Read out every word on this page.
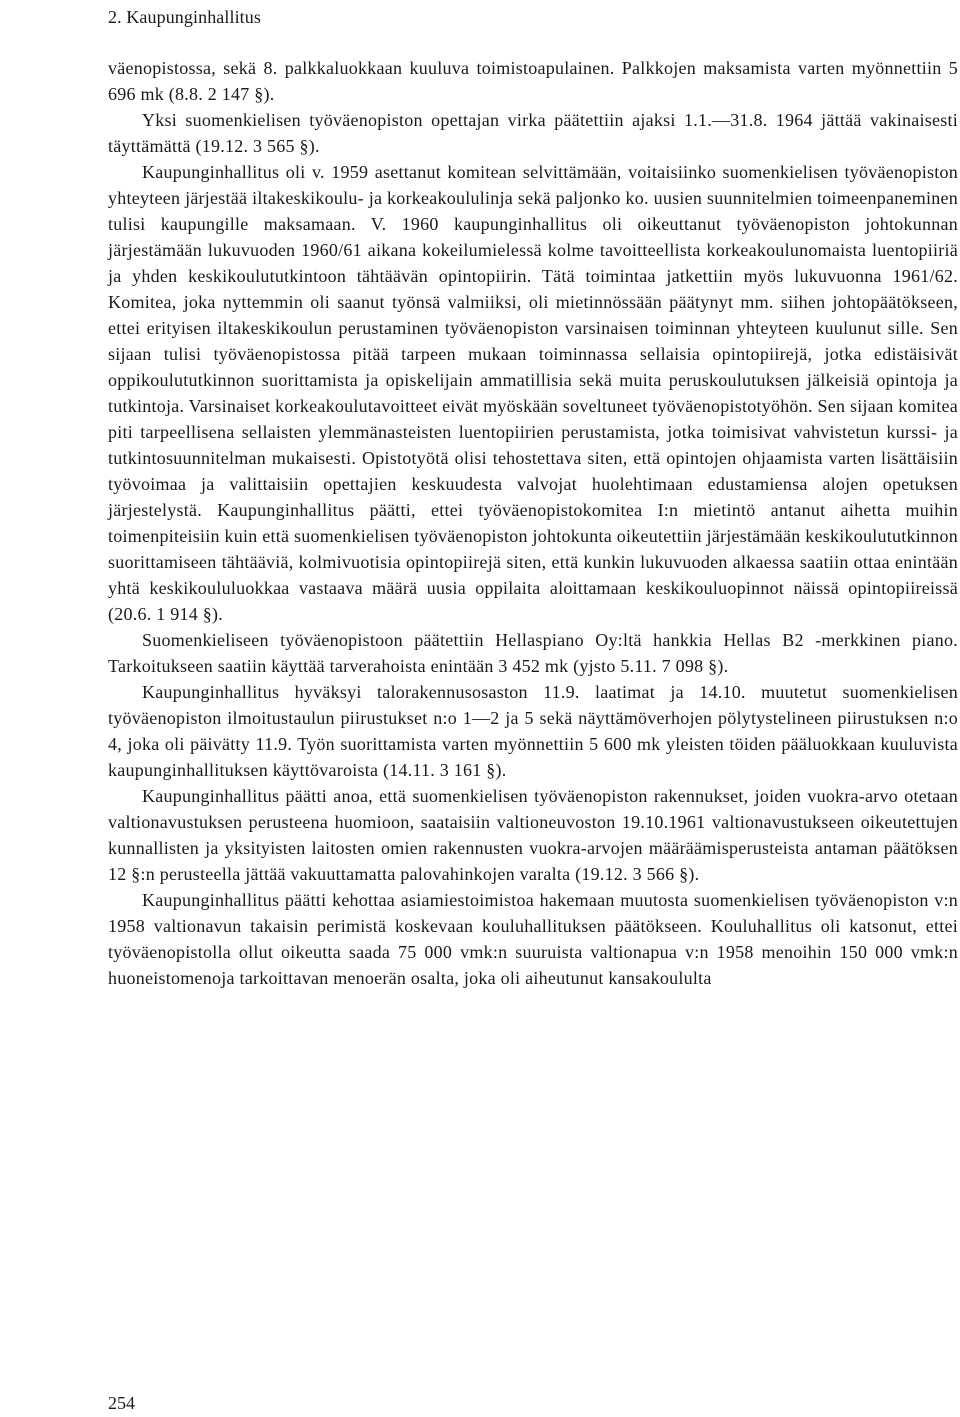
2. Kaupunginhallitus

väenopistossa, sekä 8. palkkaluokkaan kuuluva toimistoapulainen. Palkkojen maksamista varten myönnettiin 5 696 mk (8.8. 2 147 §).

Yksi suomenkielisen työväenopiston opettajan virka päätettiin ajaksi 1.1.—31.8. 1964 jättää vakinaisesti täyttämättä (19.12. 3 565 §).

Kaupunginhallitus oli v. 1959 asettanut komitean selvittämään, voitaisiinko suomenkielisen työväenopiston yhteyteen järjestää iltakeskikoulu- ja korkeakoululinja sekä paljonko ko. uusien suunnitelmien toimeenpaneminen tulisi kaupungille maksamaan. V. 1960 kaupunginhallitus oli oikeuttanut työväenopiston johtokunnan järjestämään lukuvuoden 1960/61 aikana kokeilumielessä kolme tavoitteellista korkeakoulunomaista luentopiiriä ja yhden keskikoulututkintoon tähtäävän opintopiirin. Tätä toimintaa jatkettiin myös lukuvuonna 1961/62. Komitea, joka nyttemmin oli saanut työnsä valmiiksi, oli mietinnössään päätynyt mm. siihen johtopäätökseen, ettei erityisen iltakeskikoulun perustaminen työväenopiston varsinaisen toiminnan yhteyteen kuulunut sille. Sen sijaan tulisi työväenopistossa pitää tarpeen mukaan toiminnassa sellaisia opintopiirejä, jotka edistäisivät oppikoulututkinnon suorittamista ja opiskelijain ammatillisia sekä muita peruskoulutuksen jälkeisiä opintoja ja tutkintoja. Varsinaiset korkeakoulutavoitteet eivät myöskään soveltuneet työväenopistotyöhön. Sen sijaan komitea piti tarpeellisena sellaisten ylemmänasteisten luentopiirien perustamista, jotka toimisivat vahvistetun kurssi- ja tutkintosuunnitelman mukaisesti. Opistotyötä olisi tehostettava siten, että opintojen ohjaamista varten lisättäisiin työvoimaa ja valittaisiin opettajien keskuudesta valvojat huolehtimaan edustamiensa alojen opetuksen järjestelystä. Kaupunginhallitus päätti, ettei työväenopistokomitea I:n mietintö antanut aihetta muihin toimenpiteisiin kuin että suomenkielisen työväenopiston johtokunta oikeutettiin järjestämään keskikoulututkinnon suorittamiseen tähtääviä, kolmivuotisia opintopiirejä siten, että kunkin lukuvuoden alkaessa saatiin ottaa enintään yhtä keskikoululuokkaa vastaava määrä uusia oppilaita aloittamaan keskikouluopinnot näissä opintopiireissä (20.6. 1 914 §).

Suomenkieliseen työväenopistoon päätettiin Hellaspiano Oy:ltä hankkia Hellas B2 -merkkinen piano. Tarkoitukseen saatiin käyttää tarverahoista enintään 3 452 mk (yjsto 5.11. 7 098 §).

Kaupunginhallitus hyväksyi talorakennusosaston 11.9. laatimat ja 14.10. muutetut suomenkielisen työväenopiston ilmoitustaulun piirustukset n:o 1—2 ja 5 sekä näyttämöverhojen pölytystelineen piirustuksen n:o 4, joka oli päivätty 11.9. Työn suorittamista varten myönnettiin 5 600 mk yleisten töiden pääluokkaan kuuluvista kaupunginhallituksen käyttövaroista (14.11. 3 161 §).

Kaupunginhallitus päätti anoa, että suomenkielisen työväenopiston rakennukset, joiden vuokra-arvo otetaan valtionavustuksen perusteena huomioon, saataisiin valtioneuvoston 19.10.1961 valtionavustukseen oikeutettujen kunnallisten ja yksityisten laitosten omien rakennusten vuokra-arvojen määräämisperusteista antaman päätöksen 12 §:n perusteella jättää vakuuttamatta palovahinkojen varalta (19.12. 3 566 §).

Kaupunginhallitus päätti kehottaa asiamiestoimistoa hakemaan muutosta suomenkielisen työväenopiston v:n 1958 valtionavun takaisin perimistä koskevaan kouluhallituksen päätökseen. Kouluhallitus oli katsonut, ettei työväenopistolla ollut oikeutta saada 75 000 vmk:n suuruista valtionapua v:n 1958 menoihin 150 000 vmk:n huoneistomenoja tarkoittavan menoerän osalta, joka oli aiheutunut kansakoululta

254
